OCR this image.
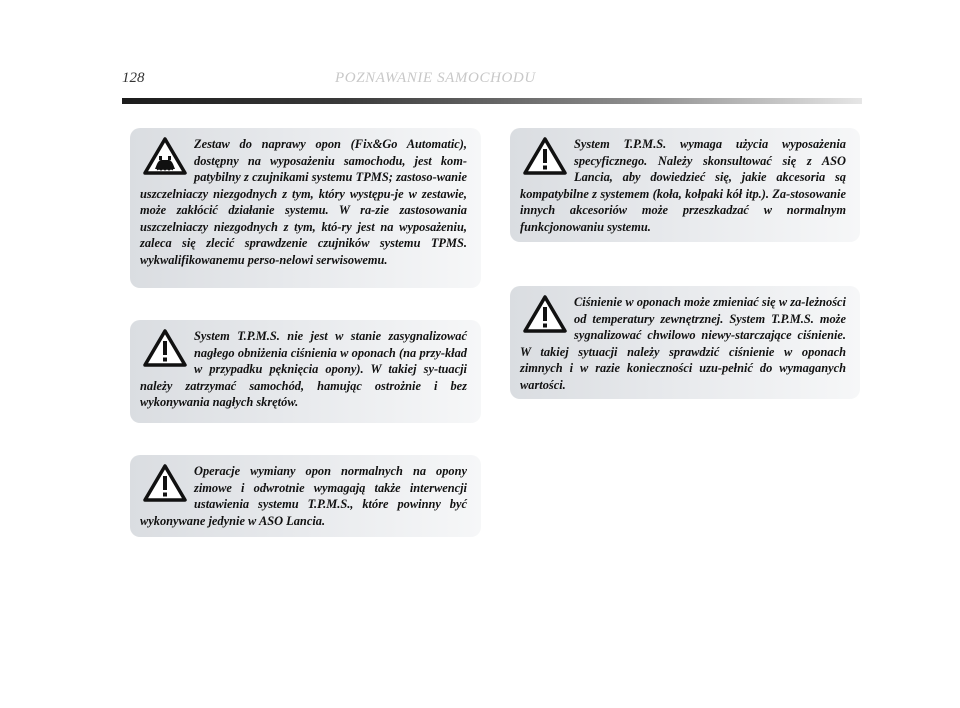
128	POZNAWANIE SAMOCHODU
Zestaw do naprawy opon (Fix&Go Automatic), dostępny na wyposażeniu samochodu, jest kom-patybilny z czujnikami systemu TPMS; zastoso-wanie uszczelniaczy niezgodnych z tym, który występu-je w zestawie, może zakłócić działanie systemu. W ra-zie zastosowania uszczelniaczy niezgodnych z tym, któ-ry jest na wyposażeniu, zaleca się zlecić sprawdzenie czujników systemu TPMS. wykwalifikowanemu perso-nelowi serwisowemu.
System T.P.M.S. nie jest w stanie zasygnalizować nagłego obniżenia ciśnienia w oponach (na przy-kład w przypadku pęknięcia opony). W takiej sy-tuacji należy zatrzymać samochód, hamując ostrożnie i bez wykonywania nagłych skrętów.
Operacje wymiany opon normalnych na opony zimowe i odwrotnie wymagają także interwencji ustawienia systemu T.P.M.S., które powinny być wykonywane jedynie w ASO Lancia.
System T.P.M.S. wymaga użycia wyposażenia specyficznego. Należy skonsultować się z ASO Lancia, aby dowiedzieć się, jakie akcesoria są kompatybilne z systemem (koła, kołpaki kół itp.). Za-stosowanie innych akcesoriów może przeszkadzać w normalnym funkcjonowaniu systemu.
Ciśnienie w oponach może zmieniać się w za-leżności od temperatury zewnętrznej. System T.P.M.S. może sygnalizować chwilowo niewy-starczające ciśnienie. W takiej sytuacji należy sprawdzić ciśnienie w oponach zimnych i w razie konieczności uzu-pełnić do wymaganych wartości.
